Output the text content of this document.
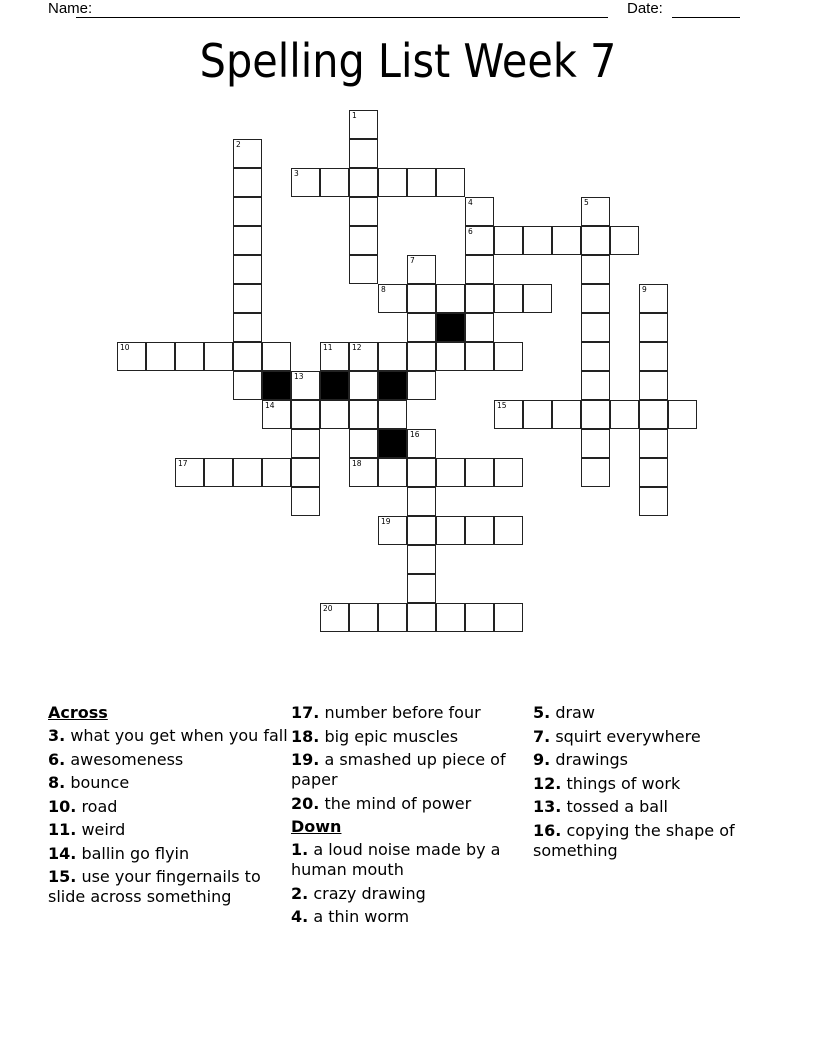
Name:	Date:
Spelling List Week 7
1
2
3
4
6
5
7
8	9
10	11	12
18
13
14	15
16
17
19
20
Across
3. what you get when you fall
6. awesomeness
8. bounce
10. road
11. weird
14. ballin go flyin
15. use your fingernails to slide across something
17. number before four
18. big epic muscles
19. a smashed up piece of paper
20. the mind of power
Down
1. a loud noise made by a human mouth
2. crazy drawing
4. a thin worm
5. draw
7. squirt everywhere
9. drawings
12. things of work
13. tossed a ball
16. copying the shape of something
